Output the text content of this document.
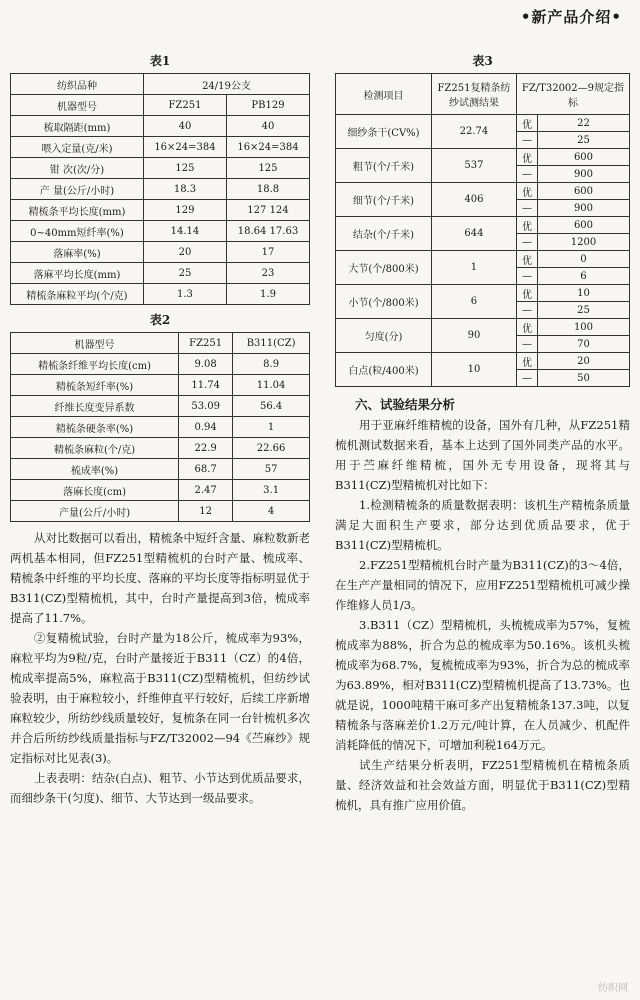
•新产品介绍•
表1
纺织品种	24/19公支	
机器型号	FZ251	PB129
梳取隔距(mm)	40	40
喂入定量(克/米)	16×24=384	16×24=384
钳 次(次/分)	125	125
产 量(公斤/小时)	18.3	18.8
精梳条平均长度(mm)	129	127 124
0~40mm短纤率(%)	14.14	18.64 17.63
落麻率(%)	20	17
落麻平均长度(mm)	25	23
精梳条麻粒平均(个/克)	1.3	1.9
表2
机器型号	FZ251	B311(CZ)
精梳条纤维平均长度(cm)	9.08	8.9
精梳条短纤率(%)	11.74	11.04
纤维长度变异系数	53.09	56.4
精梳条硬条率(%)	0.94	1
精梳条麻粒(个/克)	22.9	22.66
梳成率(%)	68.7	57
落麻长度(cm)	2.47	3.1
产量(公斤/小时)	12	4

从对比数据可以看出，精梳条中短纤含量、麻粒数新老两机基本相同，但FZ251型精梳机的台时产量、梳成率、精梳条中纤维的平均长度、落麻的平均长度等指标明显优于B311(CZ)型精梳机，其中，台时产量提高到3倍，梳成率提高了11.7%。

②复精梳试验，台时产量为18公斤，梳成率为93%，麻粒平均为9粒/克，台时产量接近于B311（CZ）的4倍，梳成率提高5%，麻粒高于B311(CZ)型精梳机，但纺纱试验表明，由于麻粒较小，纤维伸直平行较好，后续工序新增麻粒较少，所纺纱线质量较好，复梳条在同一台针梳机多次并合后所纺纱线质量指标与FZ/T32002—94《苎麻纱》规定指标对比见表(3)。

上表表明：结杂(白点)、粗节、小节达到优质品要求，而细纱条干(匀度)、细节、大节达到一级品要求。

表3
检测项目	FZ251复精条纺纱试测结果	FZ/T32002—9规定指标	
细纱条干(CV%)	22.74	优	22
		—	25
粗节(个/千米)	537	优	600
		—	900
细节(个/千米)	406	优	600
		—	900
结杂(个/千米)	644	优	600
		—	1200
大节(个/800米)	1	优	0
		—	6
小节(个/800米)	6	优	10
		—	25
匀度(分)	90	优	100
		—	70
白点(粒/400米)	10	优	20
		—	50
六、试验结果分析

用于亚麻纤维精梳的设备，国外有几种，从FZ251精梳机测试数据来看，基本上达到了国外同类产品的水平。用于苎麻纤维精梳，国外无专用设备，现将其与B311(CZ)型精梳机对比如下：

1.检测精梳条的质量数据表明：该机生产精梳条质量满足大面积生产要求，部分达到优质品要求，优于B311(CZ)型精梳机。

2.FZ251型精梳机台时产量为B311(CZ)的3～4倍，在生产产量相同的情况下，应用FZ251型精梳机可减少操作维修人员1/3。

3.B311（CZ）型精梳机，头梳梳成率为57%，复梳梳成率为88%，折合为总的梳成率为50.16%。该机头梳梳成率为68.7%，复梳梳成率为93%，折合为总的梳成率为63.89%，相对B311(CZ)型精梳机提高了13.73%。也就是说，1000吨精干麻可多产出复精梳条137.3吨，以复精梳条与落麻差价1.2万元/吨计算，在人员减少、机配件消耗降低的情况下，可增加利税164万元。

试生产结果分析表明，FZ251型精梳机在精梳条质量、经济效益和社会效益方面，明显优于B311(CZ)型精梳机，具有推广应用价值。

纺织网
